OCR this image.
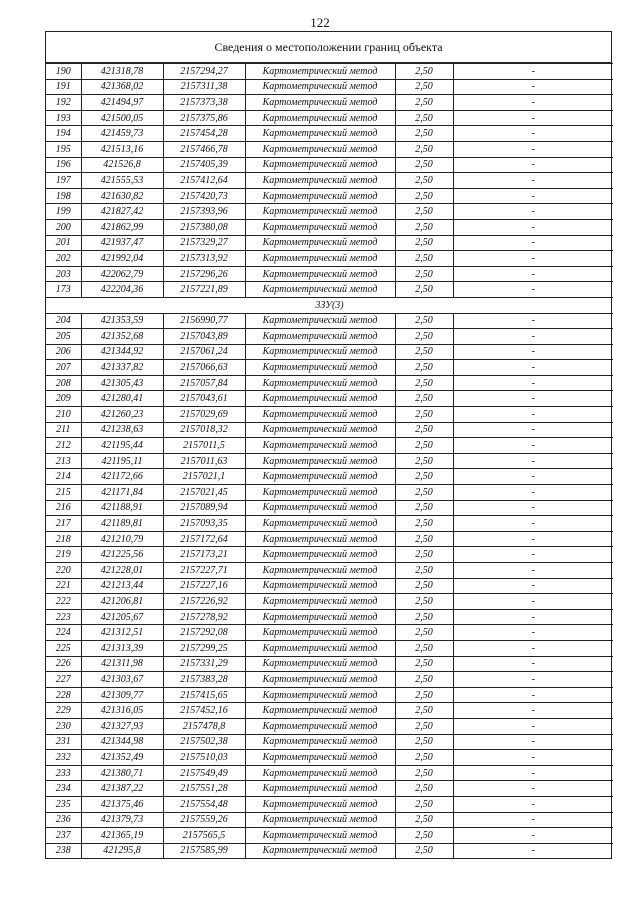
122
Сведения о местоположении границ объекта
190	421318,78	2157294,27	Картометрический метод	2,50	-
191	421368,02	2157311,38	Картометрический метод	2,50	-
192	421494,97	2157373,38	Картометрический метод	2,50	-
193	421500,05	2157375,86	Картометрический метод	2,50	-
194	421459,73	2157454,28	Картометрический метод	2,50	-
195	421513,16	2157466,78	Картометрический метод	2,50	-
196	421526,8	2157405,39	Картометрический метод	2,50	-
197	421555,53	2157412,64	Картометрический метод	2,50	-
198	421630,82	2157420,73	Картометрический метод	2,50	-
199	421827,42	2157393,96	Картометрический метод	2,50	-
200	421862,99	2157380,08	Картометрический метод	2,50	-
201	421937,47	2157329,27	Картометрический метод	2,50	-
202	421992,04	2157313,92	Картометрический метод	2,50	-
203	422062,79	2157296,26	Картометрический метод	2,50	-
173	422204,36	2157221,89	Картометрический метод	2,50	-
3ЗУ(3)					
204	421353,59	2156990,77	Картометрический метод	2,50	-
205	421352,68	2157043,89	Картометрический метод	2,50	-
206	421344,92	2157061,24	Картометрический метод	2,50	-
207	421337,82	2157066,63	Картометрический метод	2,50	-
208	421305,43	2157057,84	Картометрический метод	2,50	-
209	421280,41	2157043,61	Картометрический метод	2,50	-
210	421260,23	2157029,69	Картометрический метод	2,50	-
211	421238,63	2157018,32	Картометрический метод	2,50	-
212	421195,44	2157011,5	Картометрический метод	2,50	-
213	421195,11	2157011,63	Картометрический метод	2,50	-
214	421172,66	2157021,1	Картометрический метод	2,50	-
215	421171,84	2157021,45	Картометрический метод	2,50	-
216	421188,91	2157089,94	Картометрический метод	2,50	-
217	421189,81	2157093,35	Картометрический метод	2,50	-
218	421210,79	2157172,64	Картометрический метод	2,50	-
219	421225,56	2157173,21	Картометрический метод	2,50	-
220	421228,01	2157227,71	Картометрический метод	2,50	-
221	421213,44	2157227,16	Картометрический метод	2,50	-
222	421206,81	2157226,92	Картометрический метод	2,50	-
223	421205,67	2157278,92	Картометрический метод	2,50	-
224	421312,51	2157292,08	Картометрический метод	2,50	-
225	421313,39	2157299,25	Картометрический метод	2,50	-
226	421311,98	2157331,29	Картометрический метод	2,50	-
227	421303,67	2157383,28	Картометрический метод	2,50	-
228	421309,77	2157415,65	Картометрический метод	2,50	-
229	421316,05	2157452,16	Картометрический метод	2,50	-
230	421327,93	2157478,8	Картометрический метод	2,50	-
231	421344,98	2157502,38	Картометрический метод	2,50	-
232	421352,49	2157510,03	Картометрический метод	2,50	-
233	421380,71	2157549,49	Картометрический метод	2,50	-
234	421387,22	2157551,28	Картометрический метод	2,50	-
235	421375,46	2157554,48	Картометрический метод	2,50	-
236	421379,73	2157559,26	Картометрический метод	2,50	-
237	421365,19	2157565,5	Картометрический метод	2,50	-
238	421295,8	2157585,99	Картометрический метод	2,50	-
